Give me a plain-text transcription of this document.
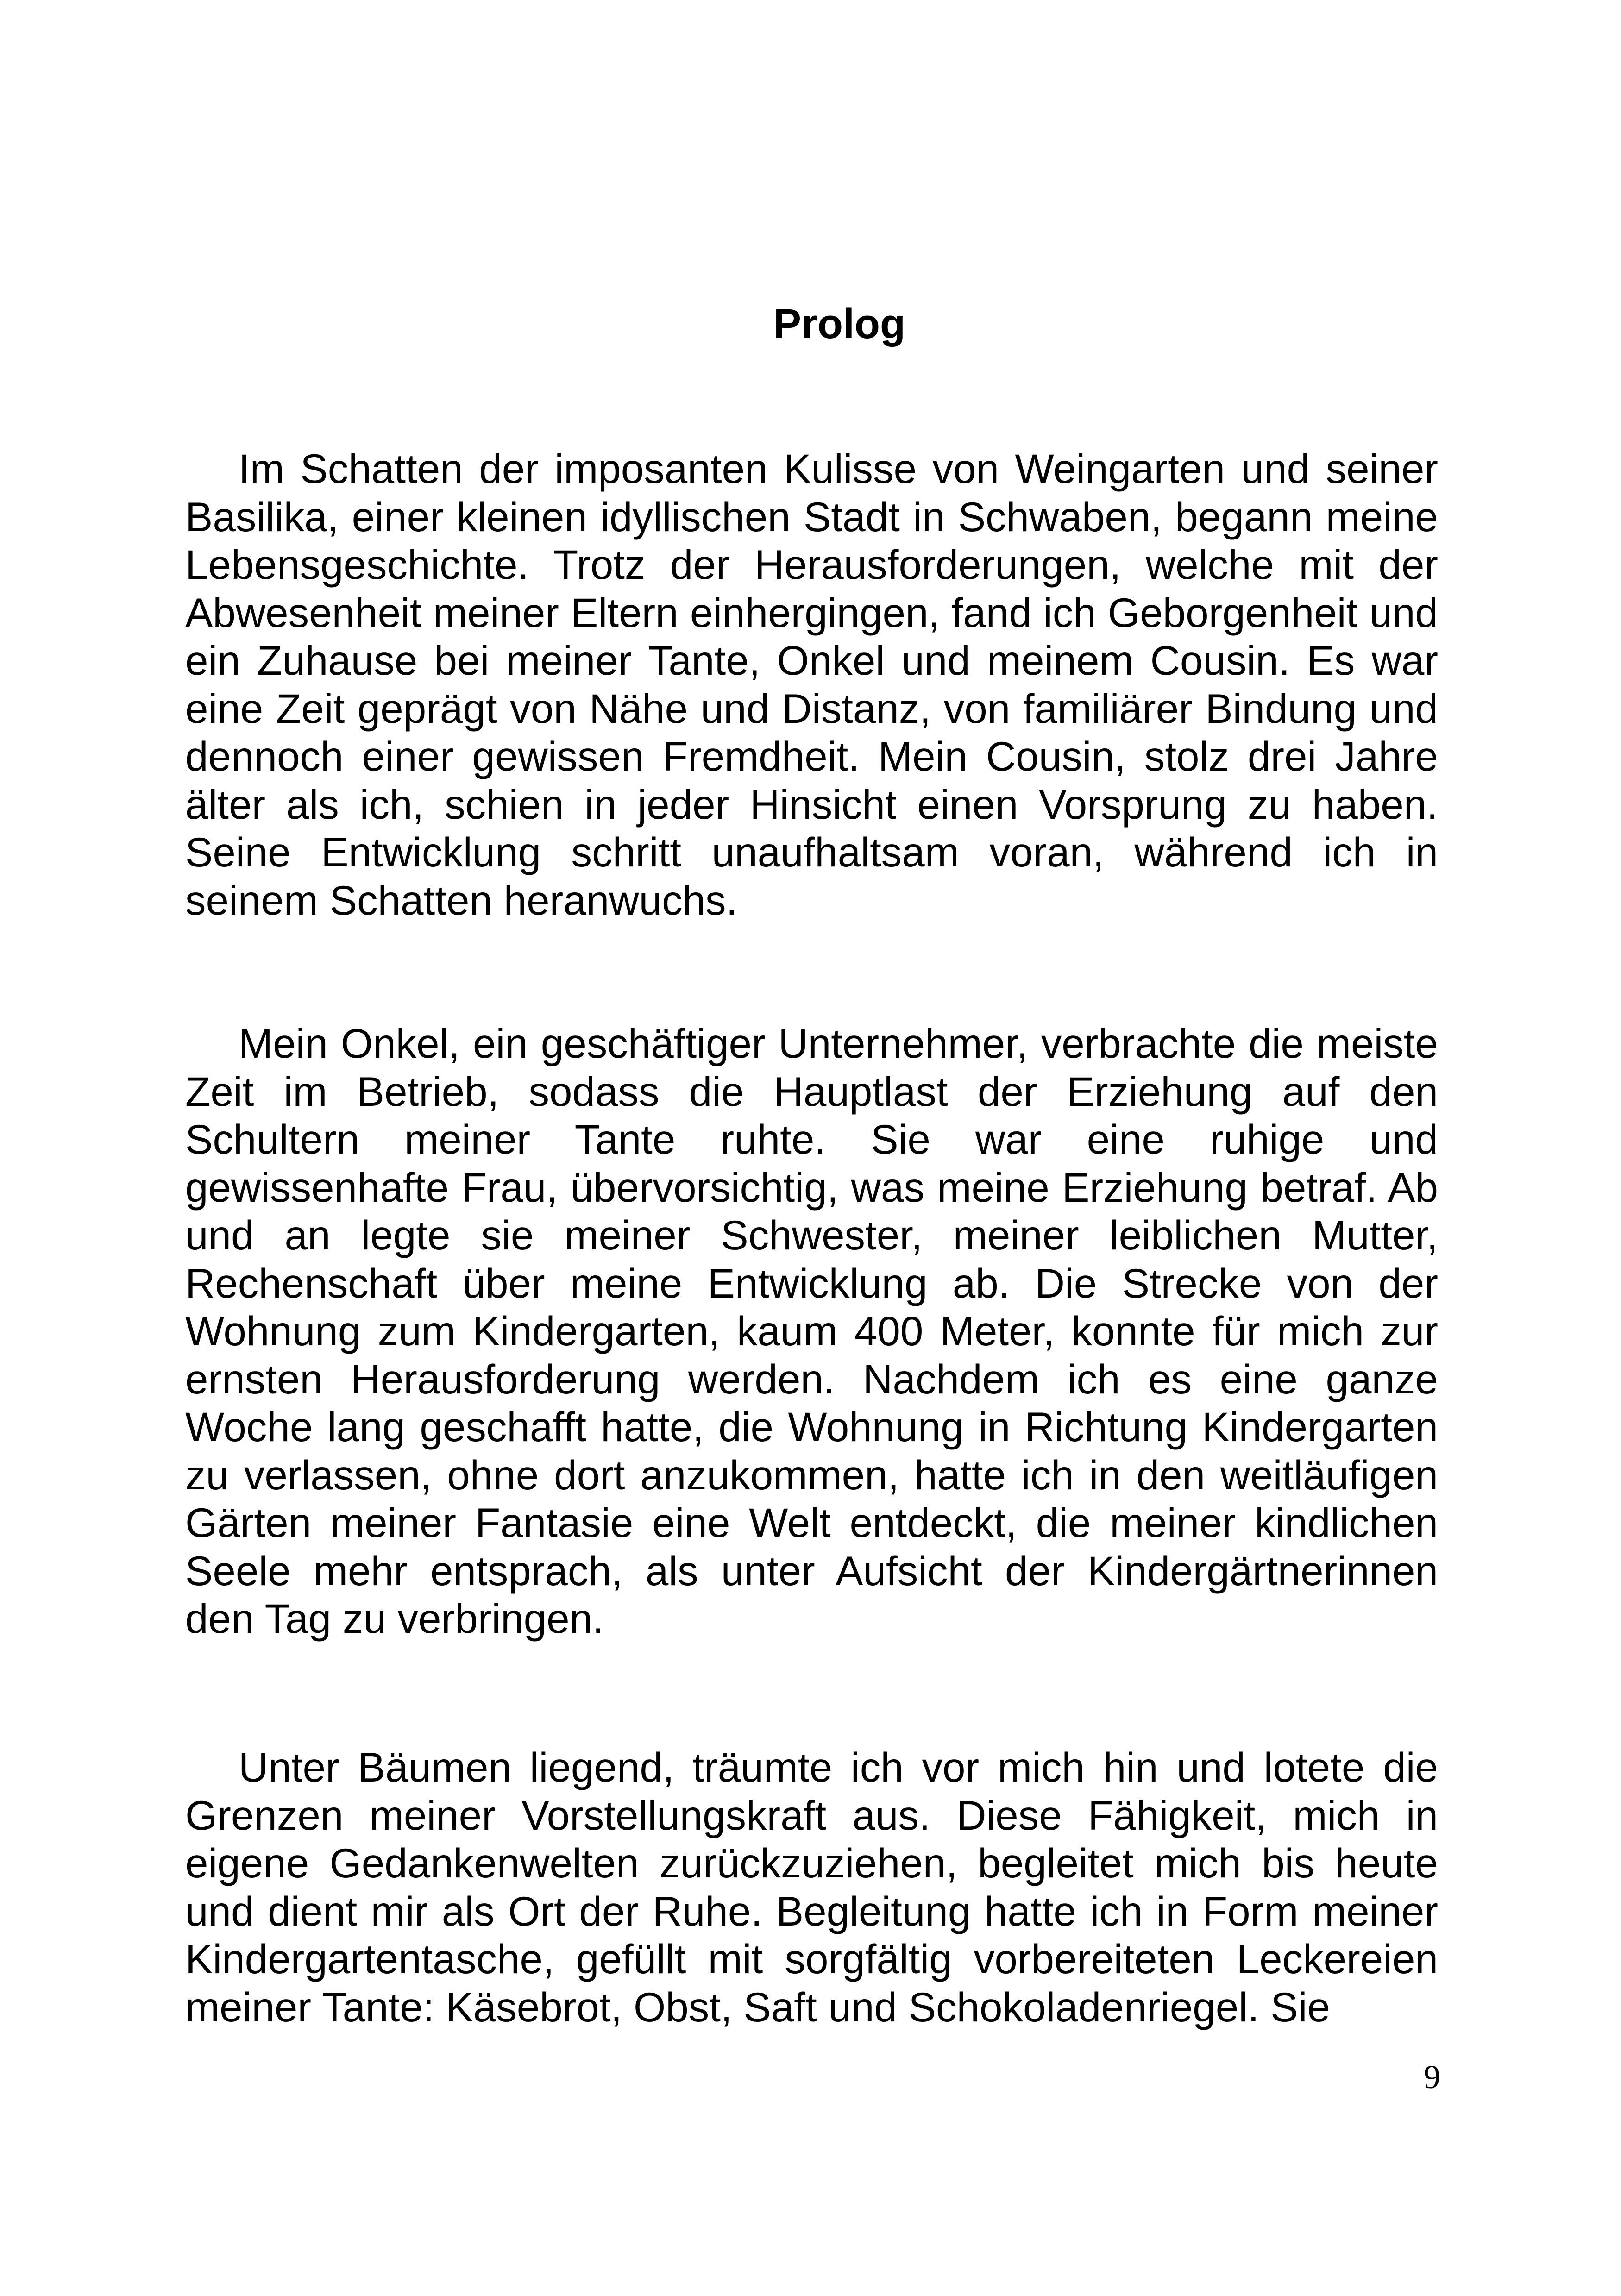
Prolog

Im Schatten der imposanten Kulisse von Weingarten und seiner Basilika, einer kleinen idyllischen Stadt in Schwaben, begann meine Lebensgeschichte. Trotz der Herausforderungen, welche mit der Abwesenheit meiner Eltern einhergingen, fand ich Geborgenheit und ein Zuhause bei meiner Tante, Onkel und meinem Cousin. Es war eine Zeit geprägt von Nähe und Distanz, von familiärer Bindung und dennoch einer gewissen Fremdheit. Mein Cousin, stolz drei Jahre älter als ich, schien in jeder Hinsicht einen Vorsprung zu haben. Seine Entwicklung schritt unaufhaltsam voran, während ich in seinem Schatten heranwuchs.

Mein Onkel, ein geschäftiger Unternehmer, verbrachte die meiste Zeit im Betrieb, sodass die Hauptlast der Erziehung auf den Schultern meiner Tante ruhte. Sie war eine ruhige und gewissenhafte Frau, übervorsichtig, was meine Erziehung betraf. Ab und an legte sie meiner Schwester, meiner leiblichen Mutter, Rechenschaft über meine Entwicklung ab. Die Strecke von der Wohnung zum Kindergarten, kaum 400 Meter, konnte für mich zur ernsten Herausforderung werden. Nachdem ich es eine ganze Woche lang geschafft hatte, die Wohnung in Richtung Kindergarten zu verlassen, ohne dort anzukommen, hatte ich in den weitläufigen Gärten meiner Fantasie eine Welt entdeckt, die meiner kindlichen Seele mehr entsprach, als unter Aufsicht der Kindergärtnerinnen den Tag zu verbringen.

Unter Bäumen liegend, träumte ich vor mich hin und lotete die Grenzen meiner Vorstellungskraft aus. Diese Fähigkeit, mich in eigene Gedankenwelten zurückzuziehen, begleitet mich bis heute und dient mir als Ort der Ruhe. Begleitung hatte ich in Form meiner Kindergartentasche, gefüllt mit sorgfältig vorbereiteten Leckereien meiner Tante: Käsebrot, Obst, Saft und Schokoladenriegel. Sie

9
